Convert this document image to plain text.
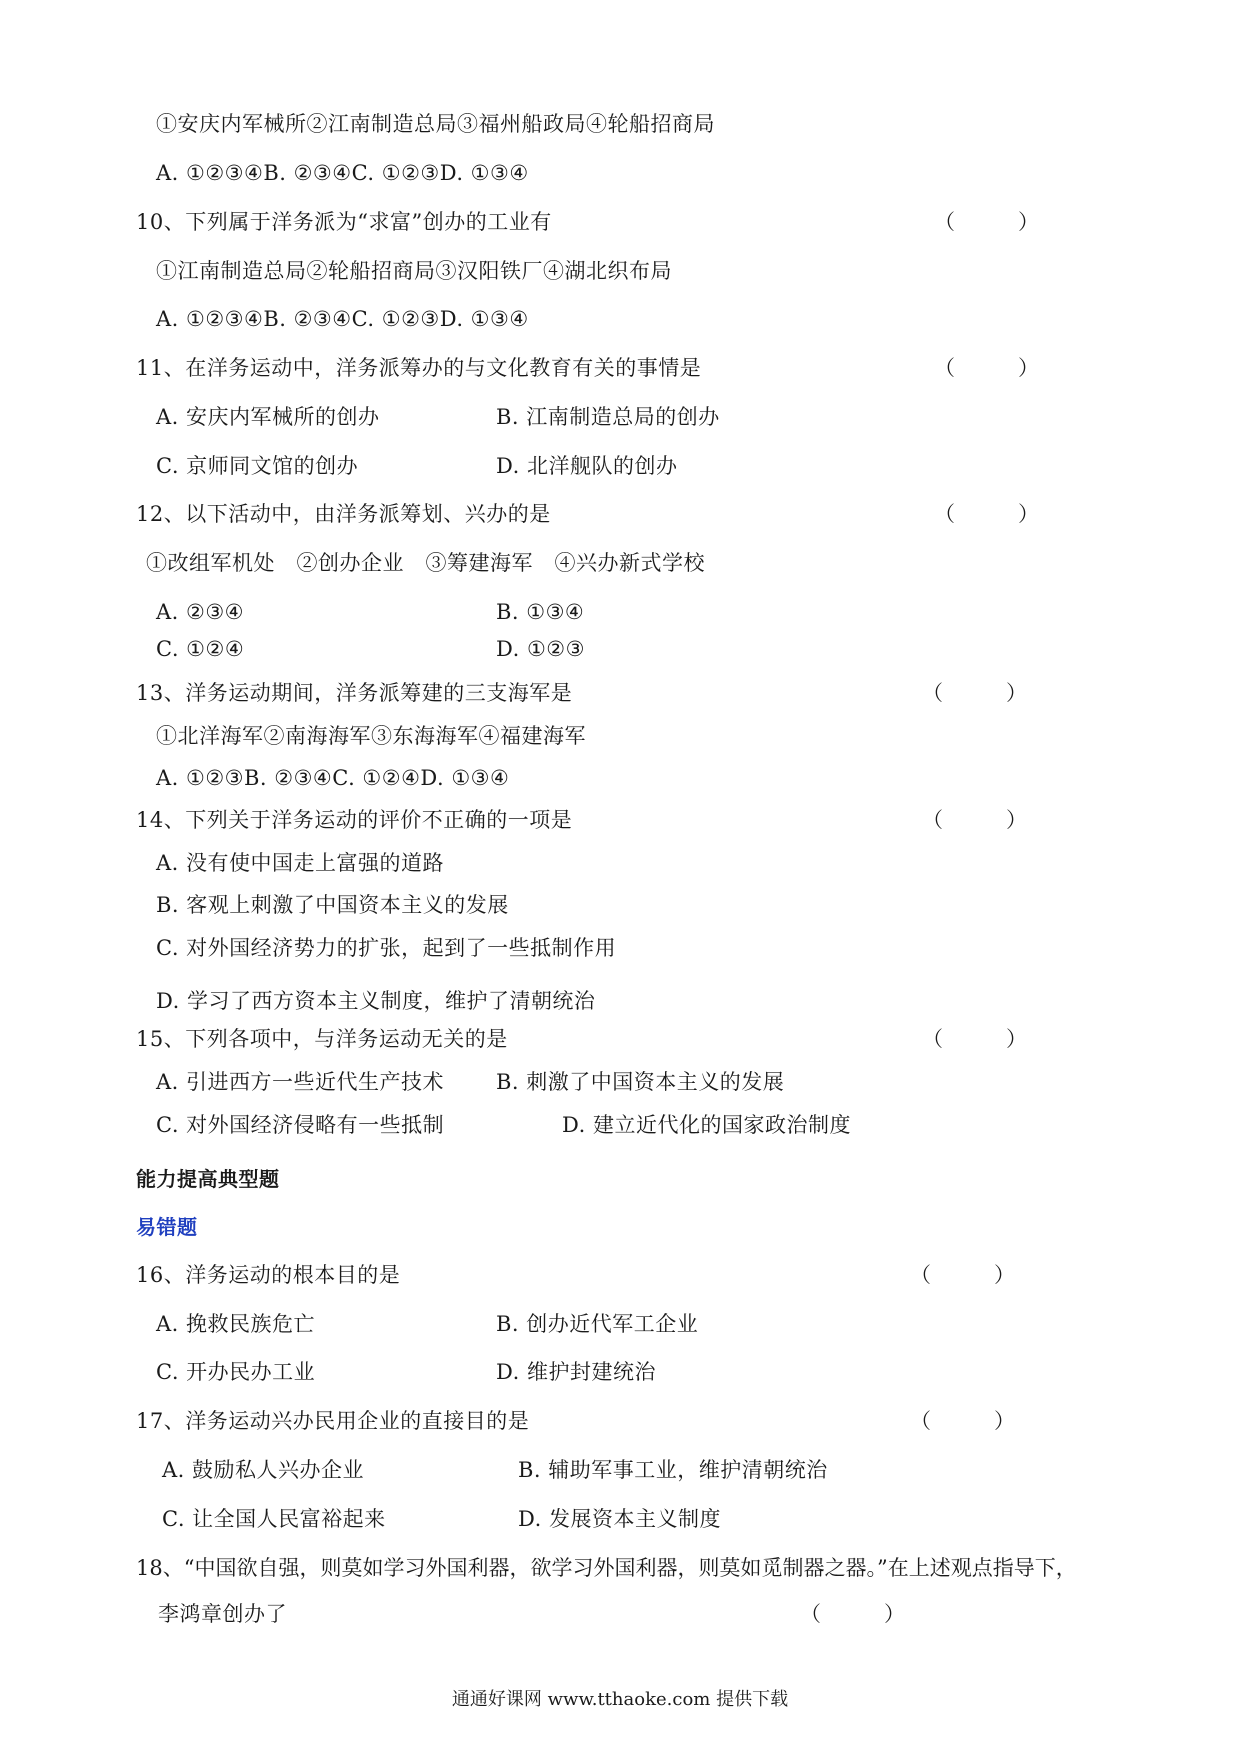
①安庆内军械所②江南制造总局③福州船政局④轮船招商局
A. ①②③④B. ②③④C. ①②③D. ①③④
10、下列属于洋务派为“求富”创办的工业有	（　　　）
①江南制造总局②轮船招商局③汉阳铁厂④湖北织布局
A. ①②③④B. ②③④C. ①②③D. ①③④
11、在洋务运动中，洋务派筹办的与文化教育有关的事情是	（　　　）
A. 安庆内军械所的创办	B. 江南制造总局的创办
C. 京师同文馆的创办	D. 北洋舰队的创办
12、以下活动中，由洋务派筹划、兴办的是	（　　　）
①改组军机处　②创办企业　③筹建海军　④兴办新式学校
A. ②③④	B. ①③④
C. ①②④	D. ①②③
13、洋务运动期间，洋务派筹建的三支海军是	（　　　）
①北洋海军②南海海军③东海海军④福建海军
A. ①②③B. ②③④C. ①②④D. ①③④
14、下列关于洋务运动的评价不正确的一项是	（　　　）
A. 没有使中国走上富强的道路
B. 客观上刺激了中国资本主义的发展
C. 对外国经济势力的扩张，起到了一些抵制作用
D. 学习了西方资本主义制度，维护了清朝统治
15、下列各项中，与洋务运动无关的是	（　　　）
A. 引进西方一些近代生产技术 B. 刺激了中国资本主义的发展
C. 对外国经济侵略有一些抵制	D. 建立近代化的国家政治制度
能力提高典型题
易错题
16、洋务运动的根本目的是	（　　　）
A. 挽救民族危亡	B. 创办近代军工企业
C. 开办民办工业	D. 维护封建统治
17、洋务运动兴办民用企业的直接目的是	（　　　）
A. 鼓励私人兴办企业	B. 辅助军事工业，维护清朝统治
C. 让全国人民富裕起来	D. 发展资本主义制度
18、“中国欲自强，则莫如学习外国利器，欲学习外国利器，则莫如觅制器之器。”在上述观点指导下，
李鸿章创办了	（　　　）
通通好课网 www.tthaoke.com 提供下载
